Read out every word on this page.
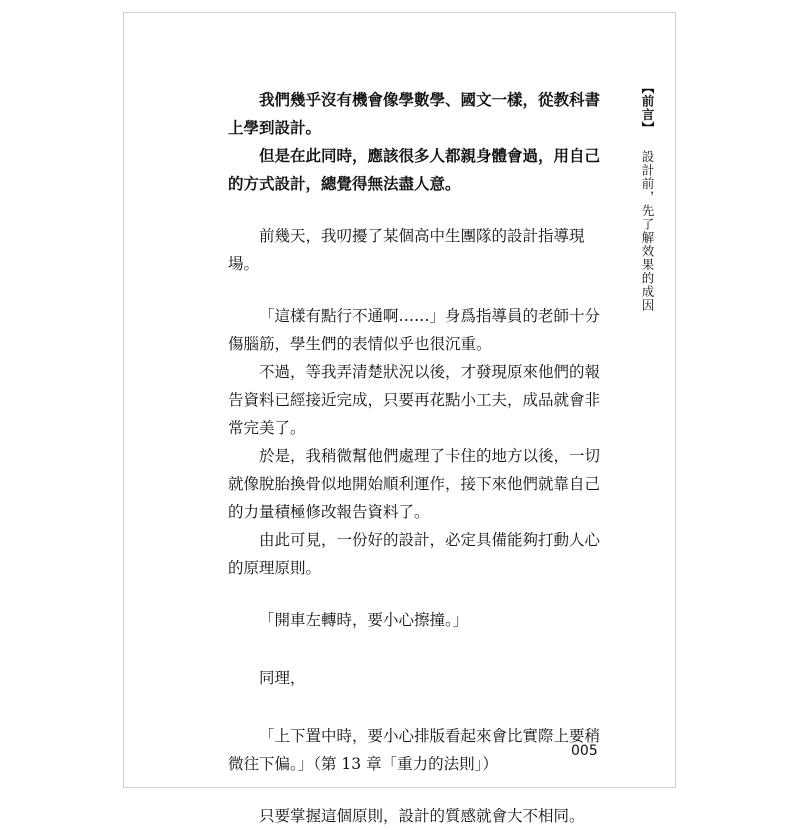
我們幾乎沒有機會像學數學、國文一樣，從教科書上學到設計。

但是在此同時，應該很多人都親身體會過，用自己的方式設計，總覺得無法盡人意。

前幾天，我叨擾了某個高中生團隊的設計指導現場。

「這樣有點行不通啊……」身爲指導員的老師十分傷腦筋，學生們的表情似乎也很沉重。

不過，等我弄清楚狀況以後，才發現原來他們的報告資料已經接近完成，只要再花點小工夫，成品就會非常完美了。

於是，我稍微幫他們處理了卡住的地方以後，一切就像脫胎換骨似地開始順利運作，接下來他們就靠自己的力量積極修改報告資料了。

由此可見，一份好的設計，必定具備能夠打動人心的原理原則。

「開車左轉時，要小心擦撞。」

同理，

「上下置中時，要小心排版看起來會比實際上要稍微往下偏。」（第 13 章「重力的法則」）

只要掌握這個原則，設計的質感就會大不相同。

【前言】 設計前，先了解效果的成因
005
